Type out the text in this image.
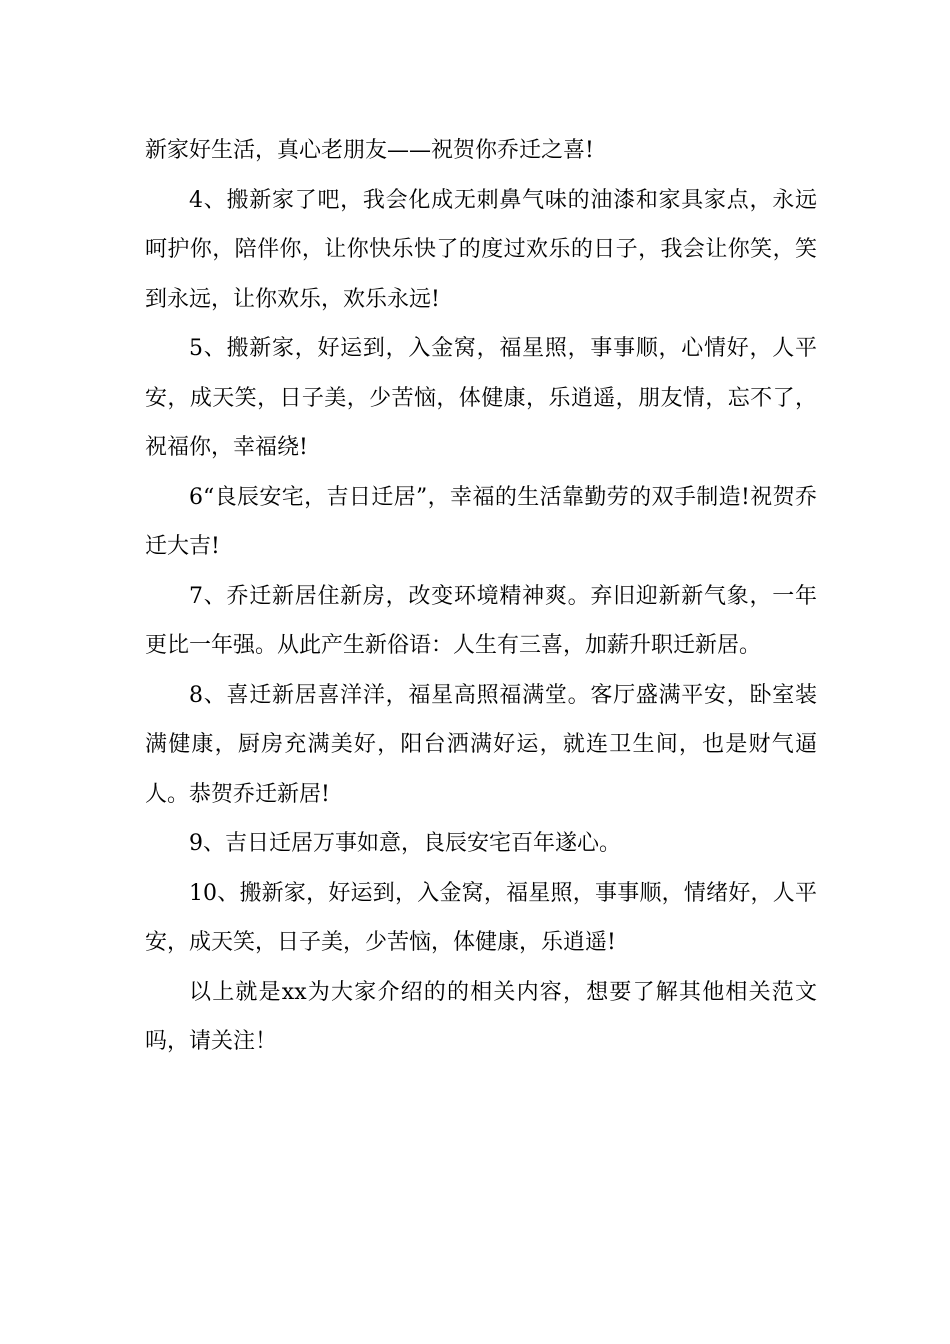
新家好生活，真心老朋友——祝贺你乔迁之喜!

4、搬新家了吧，我会化成无刺鼻气味的油漆和家具家点，永远呵护你，陪伴你，让你快乐快了的度过欢乐的日子，我会让你笑，笑到永远，让你欢乐，欢乐永远!

5、搬新家，好运到，入金窝，福星照，事事顺，心情好，人平安，成天笑，日子美，少苦恼，体健康，乐逍遥，朋友情，忘不了，祝福你，幸福绕!

6“良辰安宅，吉日迁居”，幸福的生活靠勤劳的双手制造!祝贺乔迁大吉!

7、乔迁新居住新房，改变环境精神爽。弃旧迎新新气象，一年更比一年强。从此产生新俗语：人生有三喜，加薪升职迁新居。

8、喜迁新居喜洋洋，福星高照福满堂。客厅盛满平安，卧室装满健康，厨房充满美好，阳台洒满好运，就连卫生间，也是财气逼人。恭贺乔迁新居!

9、吉日迁居万事如意，良辰安宅百年遂心。

10、搬新家，好运到，入金窝，福星照，事事顺，情绪好，人平安，成天笑，日子美，少苦恼，体健康，乐逍遥!

以上就是xx为大家介绍的的相关内容，想要了解其他相关范文吗，请关注！
